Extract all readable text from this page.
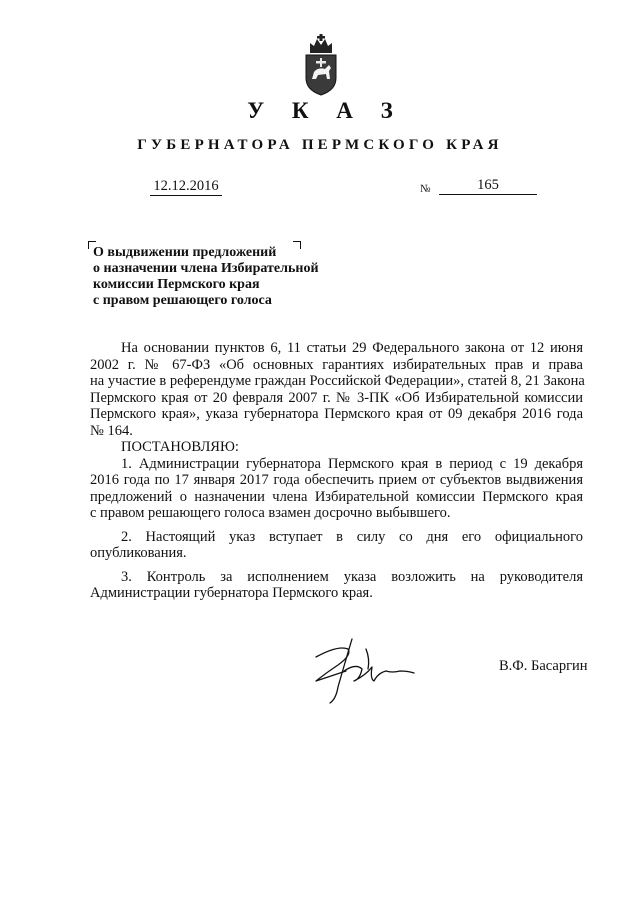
У К А З
ГУБЕРНАТОРА ПЕРМСКОГО КРАЯ
12.12.2016	№	165
О выдвижении предложений
о назначении члена Избирательной
комиссии Пермского края
с правом решающего голоса
На основании пунктов 6, 11 статьи 29 Федерального закона от 12 июня
2002 г. № 67-ФЗ «Об основных гарантиях избирательных прав и права
на участие в референдуме граждан Российской Федерации», статей 8, 21 Закона
Пермского края от 20 февраля 2007 г. № 3-ПК «Об Избирательной комиссии
Пермского края», указа губернатора Пермского края от 09 декабря 2016 года
№ 164.
ПОСТАНОВЛЯЮ:
1. Администрации губернатора Пермского края в период с 19 декабря
2016 года по 17 января 2017 года обеспечить прием от субъектов выдвижения
предложений о назначении члена Избирательной комиссии Пермского края
с правом решающего голоса взамен досрочно выбывшего.
2. Настоящий указ вступает в силу со дня его официального
опубликования.
3. Контроль за исполнением указа возложить на руководителя
Администрации губернатора Пермского края.
В.Ф. Басаргин
